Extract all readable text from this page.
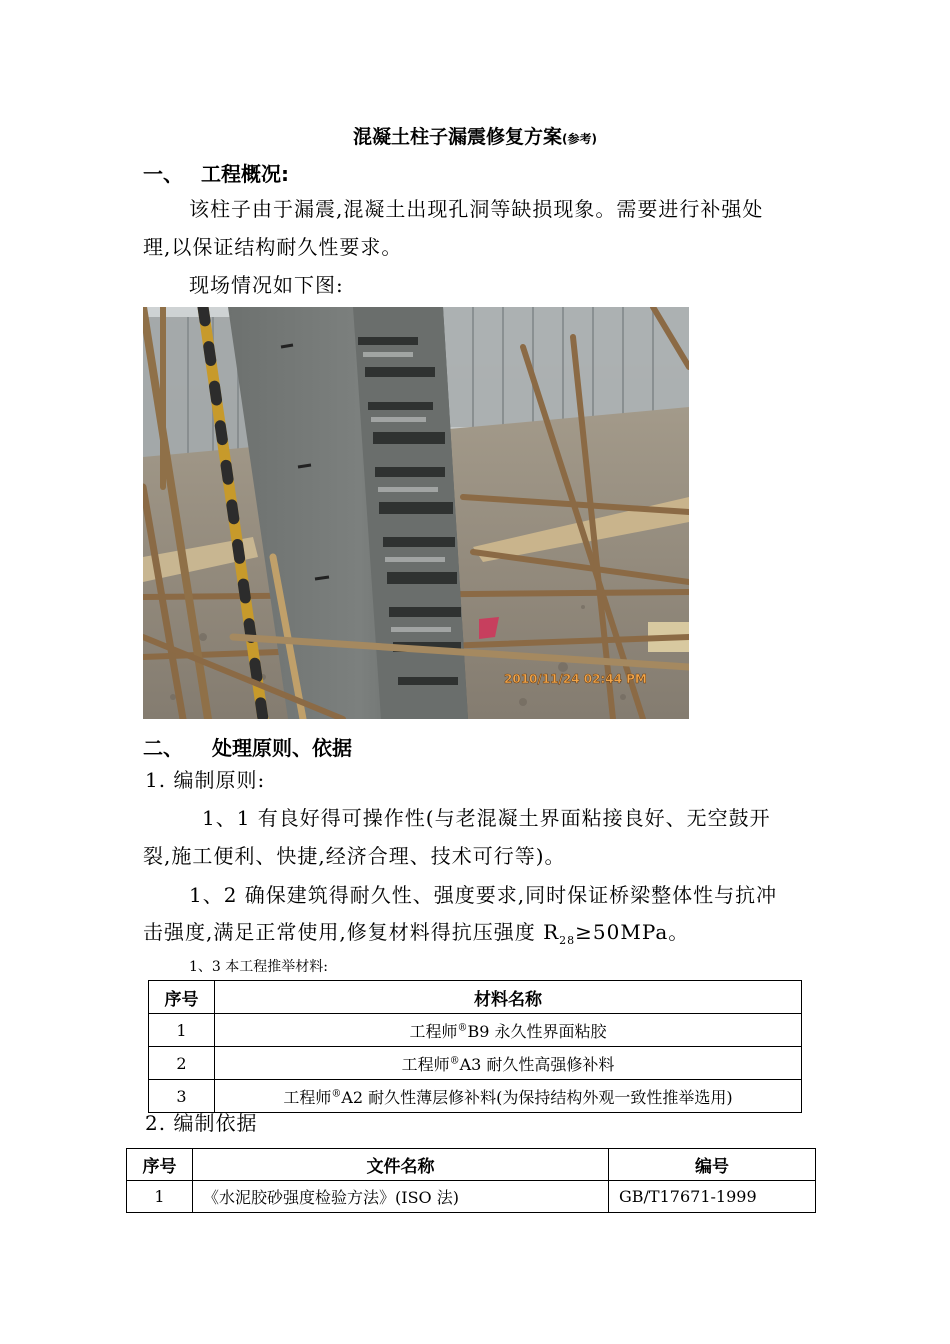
混凝土柱子漏震修复方案(参考)
一、 工程概况:
该柱子由于漏震,混凝土出现孔洞等缺损现象。需要进行补强处
理,以保证结构耐久性要求。
现场情况如下图:
2010/11/24 02:44 PM
二、 处理原则、依据
1. 编制原则:
1、1 有良好得可操作性(与老混凝土界面粘接良好、无空鼓开
裂,施工便利、快捷,经济合理、技术可行等)。
1、2 确保建筑得耐久性、强度要求,同时保证桥梁整体性与抗冲
击强度,满足正常使用,修复材料得抗压强度 $R_{28}\ge 50MPa$。
1、3 本工程推举材料:
序号	材料名称
1	工程师®B9 永久性界面粘胶
2	工程师®A3 耐久性高强修补料
3	工程师®A2 耐久性薄层修补料(为保持结构外观一致性推举选用)
2. 编制依据
序号	文件名称	编号
1	《水泥胶砂强度检验方法》(ISO 法)	GB/T17671-1999
